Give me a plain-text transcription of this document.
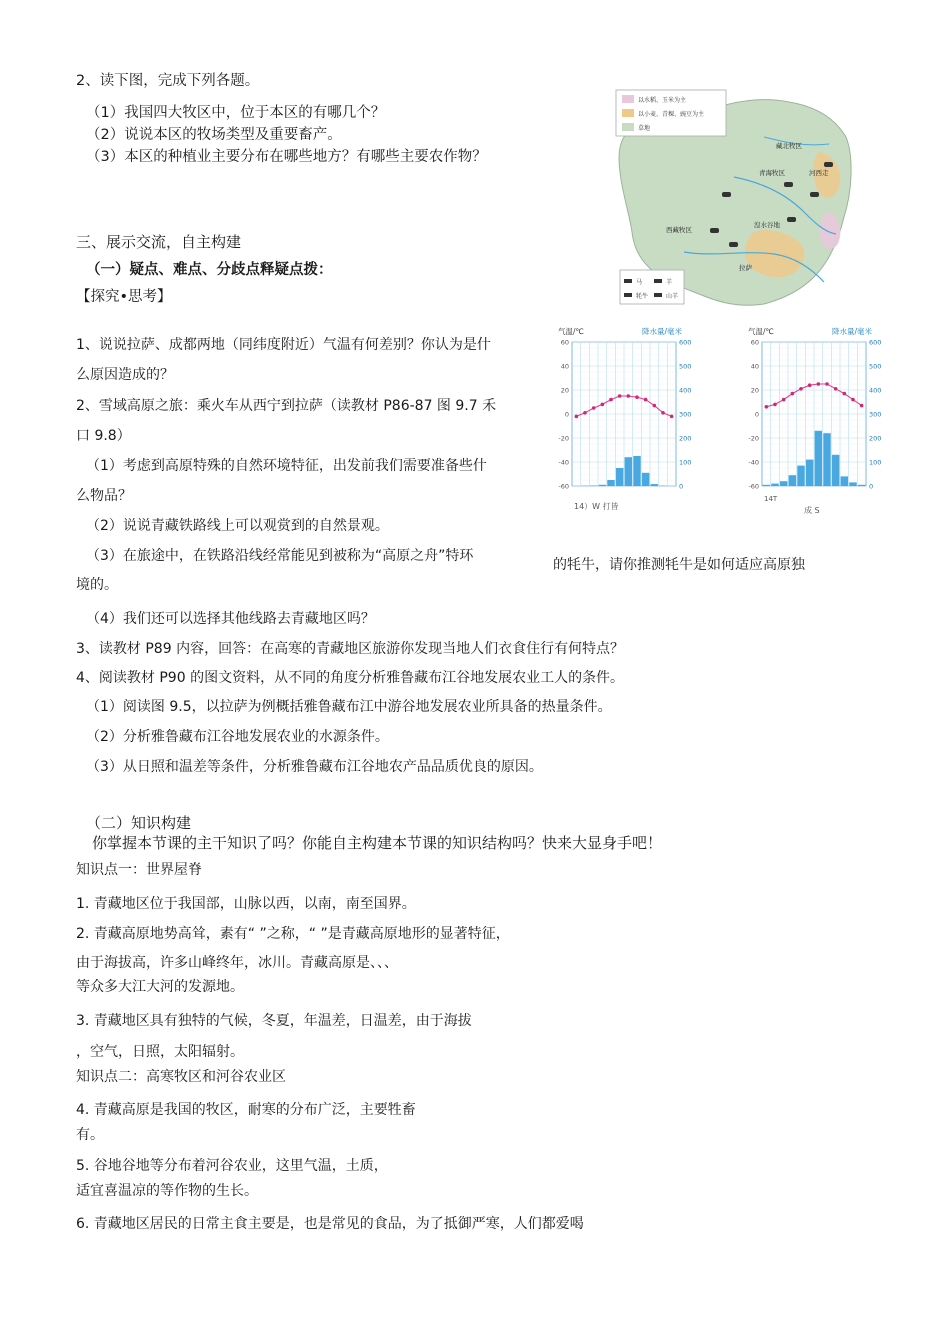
2、读下图，完成下列各题。
（1）我国四大牧区中，位于本区的有哪几个？
（2）说说本区的牧场类型及重要畜产。
（3）本区的种植业主要分布在哪些地方？有哪些主要农作物？
三、展示交流，自主构建
（一）疑点、难点、分歧点释疑点拨：
【探究•思考】
1、说说拉萨、成都两地（同纬度附近）气温有何差别？你认为是什
么原因造成的？
2、雪域高原之旅：乘火车从西宁到拉萨（读教材 P86-87 图 9.7 禾
口 9.8）
（1）考虑到高原特殊的自然环境特征，出发前我们需要准备些什
么物品？
（2）说说青藏铁路线上可以观赏到的自然景观。
（3）在旅途中，在铁路沿线经常能见到被称为“高原之舟”特环
的牦牛，请你推测牦牛是如何适应高原独
境的。
（4）我们还可以选择其他线路去青藏地区吗？
3、读教材 P89 内容，回答：在高寒的青藏地区旅游你发现当地人们衣食住行有何特点？
4、阅读教材 P90 的图文资料，从不同的角度分析雅鲁藏布江谷地发展农业工人的条件。
（1）阅读图 9.5，以拉萨为例概括雅鲁藏布江中游谷地发展农业所具备的热量条件。
（2）分析雅鲁藏布江谷地发展农业的水源条件。
（3）从日照和温差等条件，分析雅鲁藏布江谷地农产品品质优良的原因。
（二）知识构建
你掌握本节课的主干知识了吗？你能自主构建本节课的知识结构吗？快来大显身手吧！
知识点一：世界屋脊
1. 青藏地区位于我国部，山脉以西，以南，南至国界。
2. 青藏高原地势高耸，素有“ ”之称，“ ”是青藏高原地形的显著特征，
由于海拔高，许多山峰终年，冰川。青藏高原是、、、
等众多大江大河的发源地。
3. 青藏地区具有独特的气候，冬夏，年温差，日温差，由于海拔
，空气，日照，太阳辐射。
知识点二：高寒牧区和河谷农业区
4. 青藏高原是我国的牧区，耐寒的分布广泛，主要牲畜
有。
5. 谷地谷地等分布着河谷农业，这里气温，土质，
适宜喜温凉的等作物的生长。
6. 青藏地区居民的日常主食主要是，也是常见的食品，为了抵御严寒，人们都爱喝
以水稻、玉米为主
以小麦、青稞、豌豆为主
草地
藏北牧区
青海牧区	河西走
西藏牧区
湟水谷地
拉萨
马	羊
牦牛	山羊
气温/℃	降水量/毫米
60	600
40	500
20	400
0	300
-20	200
-40	100
-60	0
14）W 打皆
气温/℃	降水量/毫米
60	600
40	500
20	400
0	300
-20	200
-40	100
-60	0
14T
成 S
